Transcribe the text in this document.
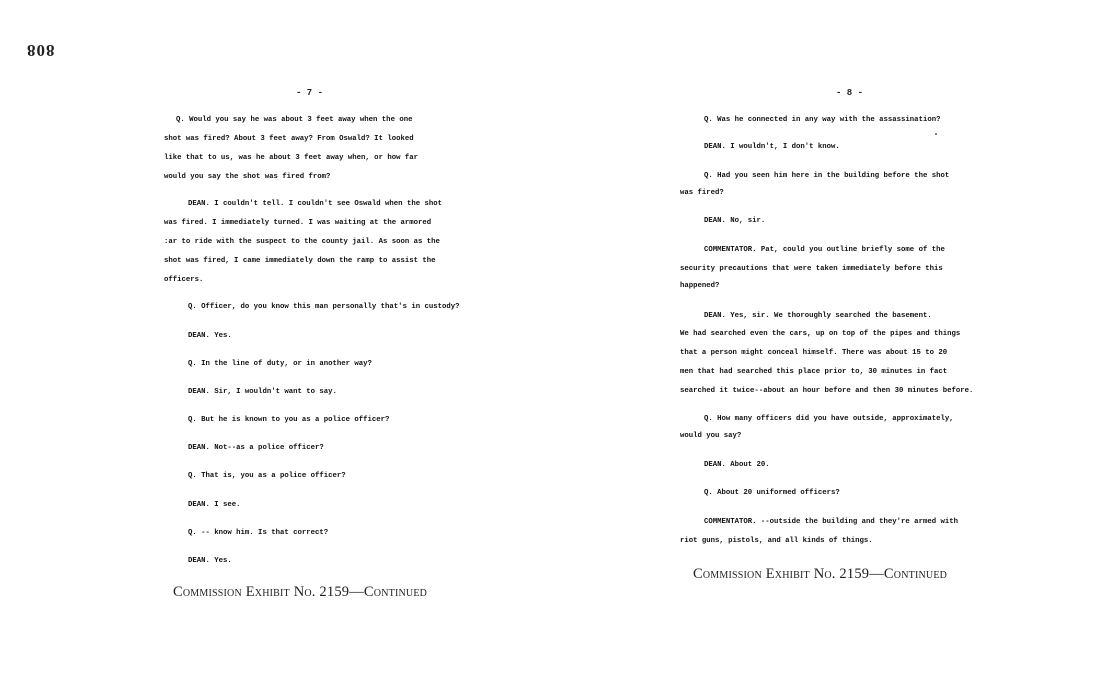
808
- 7 -
Q. Would you say he was about 3 feet away when the one
shot was fired? About 3 feet away? From Oswald? It looked
like that to us, was he about 3 feet away when, or how far
would you say the shot was fired from?
DEAN. I couldn't tell. I couldn't see Oswald when the shot
was fired. I immediately turned. I was waiting at the armored
:ar to ride with the suspect to the county jail. As soon as the
shot was fired, I came immediately down the ramp to assist the
officers.
Q. Officer, do you know this man personally that's in custody?
DEAN. Yes.
Q. In the line of duty, or in another way?
DEAN. Sir, I wouldn't want to say.
Q. But he is known to you as a police officer?
DEAN. Not--as a police officer?
Q. That is, you as a police officer?
DEAN. I see.
Q. -- know him. Is that correct?
DEAN. Yes.
Commission Exhibit No. 2159—Continued
- 8 -
Q. Was he connected in any way with the assassination?
DEAN. I wouldn't, I don't know.
Q. Had you seen him here in the building before the shot
was fired?
DEAN. No, sir.
COMMENTATOR. Pat, could you outline briefly some of the
security precautions that were taken immediately before this
happened?
DEAN. Yes, sir. We thoroughly searched the basement.
We had searched even the cars, up on top of the pipes and things
that a person might conceal himself. There was about 15 to 20
men that had searched this place prior to, 30 minutes in fact
searched it twice--about an hour before and then 30 minutes before.
Q. How many officers did you have outside, approximately,
would you say?
DEAN. About 20.
Q. About 20 uniformed officers?
COMMENTATOR. --outside the building and they're armed with
riot guns, pistols, and all kinds of things.
Commission Exhibit No. 2159—Continued
